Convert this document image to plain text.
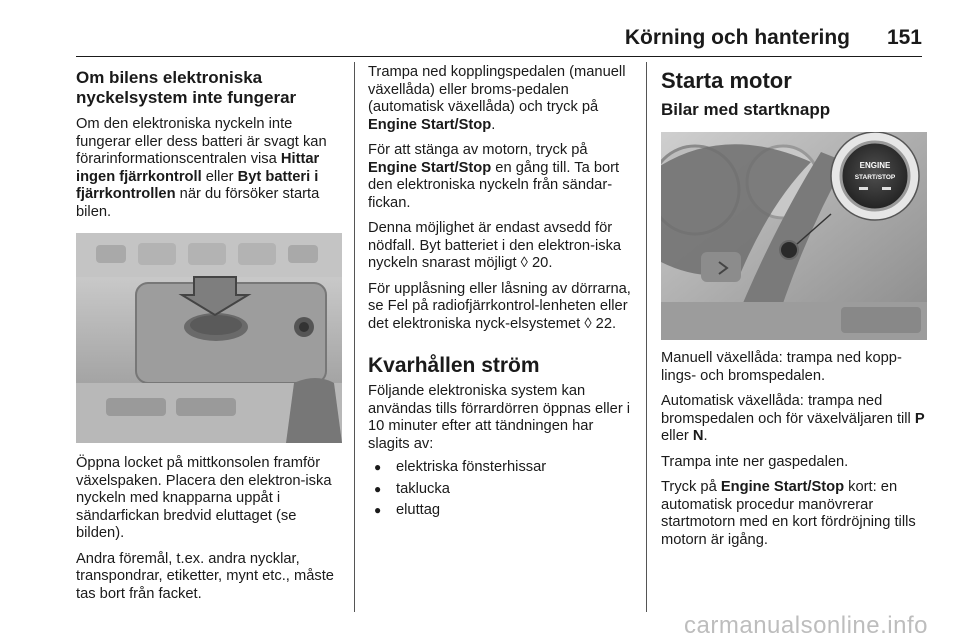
Körning och hantering 151
Om bilens elektroniska nyckelsystem inte fungerar
Om den elektroniska nyckeln inte fungerar eller dess batteri är svagt kan förarinformationscentralen visa Hittar ingen fjärrkontroll eller Byt batteri i fjärrkontrollen när du försöker starta bilen.
Öppna locket på mittkonsolen framför växelspaken. Placera den elektron-iska nyckeln med knapparna uppåt i sändarfickan bredvid eluttaget (se bilden).
Andra föremål, t.ex. andra nycklar, transpondrar, etiketter, mynt etc., måste tas bort från facket.
Trampa ned kopplingspedalen (manuell växellåda) eller broms-pedalen (automatisk växellåda) och tryck på Engine Start/Stop.
För att stänga av motorn, tryck på Engine Start/Stop en gång till. Ta bort den elektroniska nyckeln från sändar-fickan.
Denna möjlighet är endast avsedd för nödfall. Byt batteriet i den elektron-iska nyckeln snarast möjligt ◊ 20.
För upplåsning eller låsning av dörrarna, se Fel på radiofjärrkontrol-lenheten eller det elektroniska nyck-elsystemet ◊ 22.
Kvarhållen ström
Följande elektroniska system kan användas tills förrardörren öppnas eller i 10 minuter efter att tändningen har slagits av:
● elektriska fönsterhissar
● taklucka
● eluttag
Starta motor
Bilar med startknapp
ENGINE
START/STOP
Manuell växellåda: trampa ned kopp-lings- och bromspedalen.
Automatisk växellåda: trampa ned bromspedalen och för växelväljaren till P eller N.
Trampa inte ner gaspedalen.
Tryck på Engine Start/Stop kort: en automatisk procedur manövrerar startmotorn med en kort fördröjning tills motorn är igång.
carmanualsonline.info
